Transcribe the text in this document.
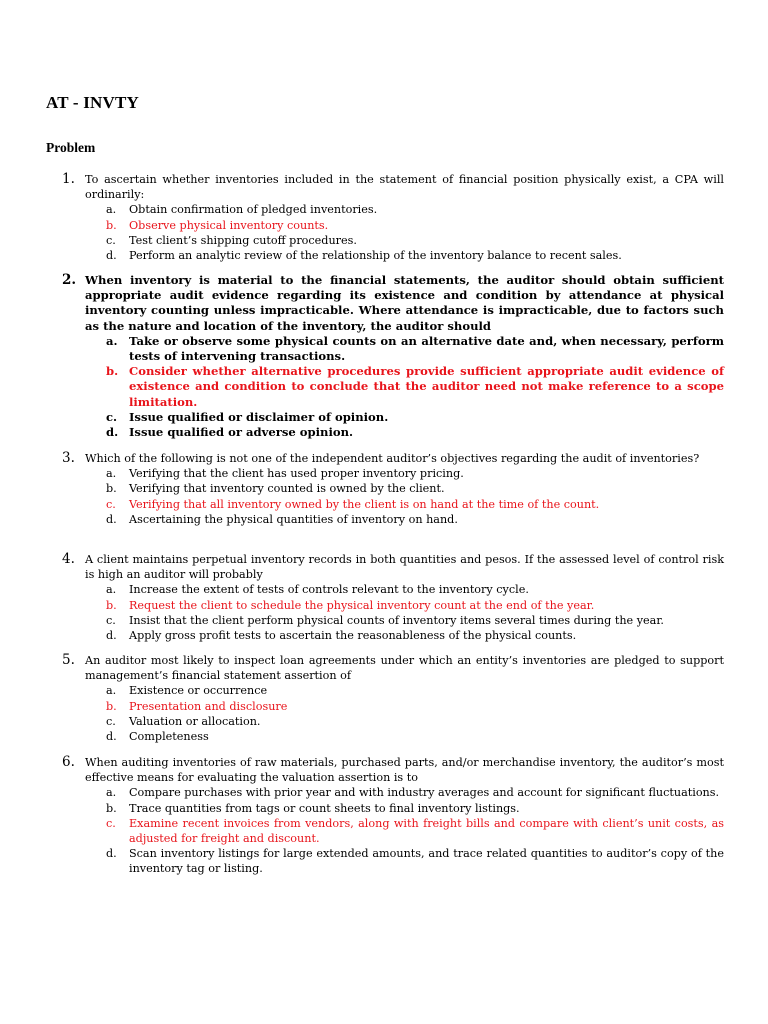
AT - INVTY
Problem
1. To ascertain whether inventories included in the statement of financial position physically exist, a CPA will ordinarily:
a.	Obtain confirmation of pledged inventories.
b.	Observe physical inventory counts.
c.	Test client’s shipping cutoff procedures.
d.	Perform an analytic review of the relationship of the inventory balance to recent sales.
2. When inventory is material to the financial statements, the auditor should obtain sufficient appropriate audit evidence regarding its existence and condition by attendance at physical inventory counting unless impracticable. Where attendance is impracticable, due to factors such as the nature and location of the inventory, the auditor should
a. Take or observe some physical counts on an alternative date and, when necessary, perform tests of intervening transactions.
b. Consider whether alternative procedures provide sufficient appropriate audit evidence of existence and condition to conclude that the auditor need not make reference to a scope limitation.
c.	Issue qualified or disclaimer of opinion.
d. Issue qualified or adverse opinion.
3. Which of the following is not one of the independent auditor’s objectives regarding the audit of inventories?
a.	Verifying that the client has used proper inventory pricing.
b.	Verifying that inventory counted is owned by the client.
c.	Verifying that all inventory owned by the client is on hand at the time of the count.
d.	Ascertaining the physical quantities of inventory on hand.
4. A client maintains perpetual inventory records in both quantities and pesos. If the assessed level of control risk is high an auditor will probably
a.	Increase the extent of tests of controls relevant to the inventory cycle.
b.	Request the client to schedule the physical inventory count at the end of the year.
c.	Insist that the client perform physical counts of inventory items several times during the year.
d.	Apply gross profit tests to ascertain the reasonableness of the physical counts.
5. An auditor most likely to inspect loan agreements under which an entity’s inventories are pledged to support management’s financial statement assertion of
a.	Existence or occurrence
b.	Presentation and disclosure
c.	Valuation or allocation.
d.	Completeness
6. When auditing inventories of raw materials, purchased parts, and/or merchandise inventory, the auditor’s most effective means for evaluating the valuation assertion is to
a.	Compare purchases with prior year and with industry averages and account for significant fluctuations.
b.	Trace quantities from tags or count sheets to final inventory listings.
c.	Examine recent invoices from vendors, along with freight bills and compare with client’s unit costs, as adjusted for freight and discount.
d.	Scan inventory listings for large extended amounts, and trace related quantities to auditor’s copy of the inventory tag or listing.
